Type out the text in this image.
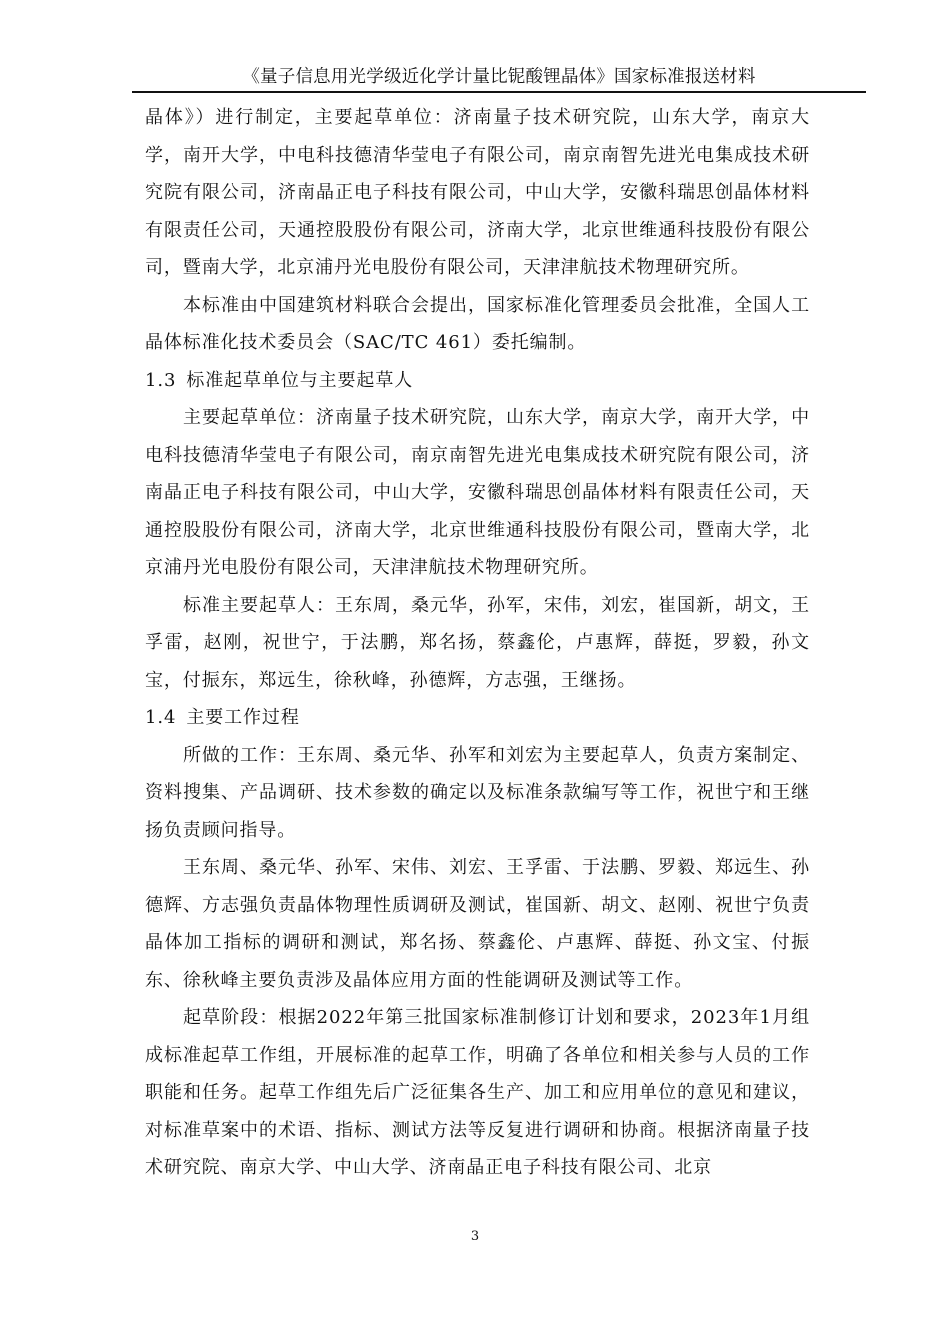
《量子信息用光学级近化学计量比铌酸锂晶体》国家标准报送材料

晶体》）进行制定，主要起草单位：济南量子技术研究院，山东大学，南京大学，南开大学，中电科技德清华莹电子有限公司，南京南智先进光电集成技术研究院有限公司，济南晶正电子科技有限公司，中山大学，安徽科瑞思创晶体材料有限责任公司，天通控股股份有限公司，济南大学，北京世维通科技股份有限公司，暨南大学，北京浦丹光电股份有限公司，天津津航技术物理研究所。

本标准由中国建筑材料联合会提出，国家标准化管理委员会批准，全国人工晶体标准化技术委员会（SAC/TC 461）委托编制。

1.3 标准起草单位与主要起草人

主要起草单位：济南量子技术研究院，山东大学，南京大学，南开大学，中电科技德清华莹电子有限公司，南京南智先进光电集成技术研究院有限公司，济南晶正电子科技有限公司，中山大学，安徽科瑞思创晶体材料有限责任公司，天通控股股份有限公司，济南大学，北京世维通科技股份有限公司，暨南大学，北京浦丹光电股份有限公司，天津津航技术物理研究所。

标准主要起草人：王东周，桑元华，孙军，宋伟，刘宏，崔国新，胡文，王孚雷，赵刚，祝世宁，于法鹏，郑名扬，蔡鑫伦，卢惠辉，薛挺，罗毅，孙文宝，付振东，郑远生，徐秋峰，孙德辉，方志强，王继扬。

1.4 主要工作过程

所做的工作：王东周、桑元华、孙军和刘宏为主要起草人，负责方案制定、资料搜集、产品调研、技术参数的确定以及标准条款编写等工作，祝世宁和王继扬负责顾问指导。

王东周、桑元华、孙军、宋伟、刘宏、王孚雷、于法鹏、罗毅、郑远生、孙德辉、方志强负责晶体物理性质调研及测试，崔国新、胡文、赵刚、祝世宁负责晶体加工指标的调研和测试，郑名扬、蔡鑫伦、卢惠辉、薛挺、孙文宝、付振东、徐秋峰主要负责涉及晶体应用方面的性能调研及测试等工作。

起草阶段：根据2022年第三批国家标准制修订计划和要求，2023年1月组成标准起草工作组，开展标准的起草工作，明确了各单位和相关参与人员的工作职能和任务。起草工作组先后广泛征集各生产、加工和应用单位的意见和建议，对标准草案中的术语、指标、测试方法等反复进行调研和协商。根据济南量子技术研究院、南京大学、中山大学、济南晶正电子科技有限公司、北京

3
